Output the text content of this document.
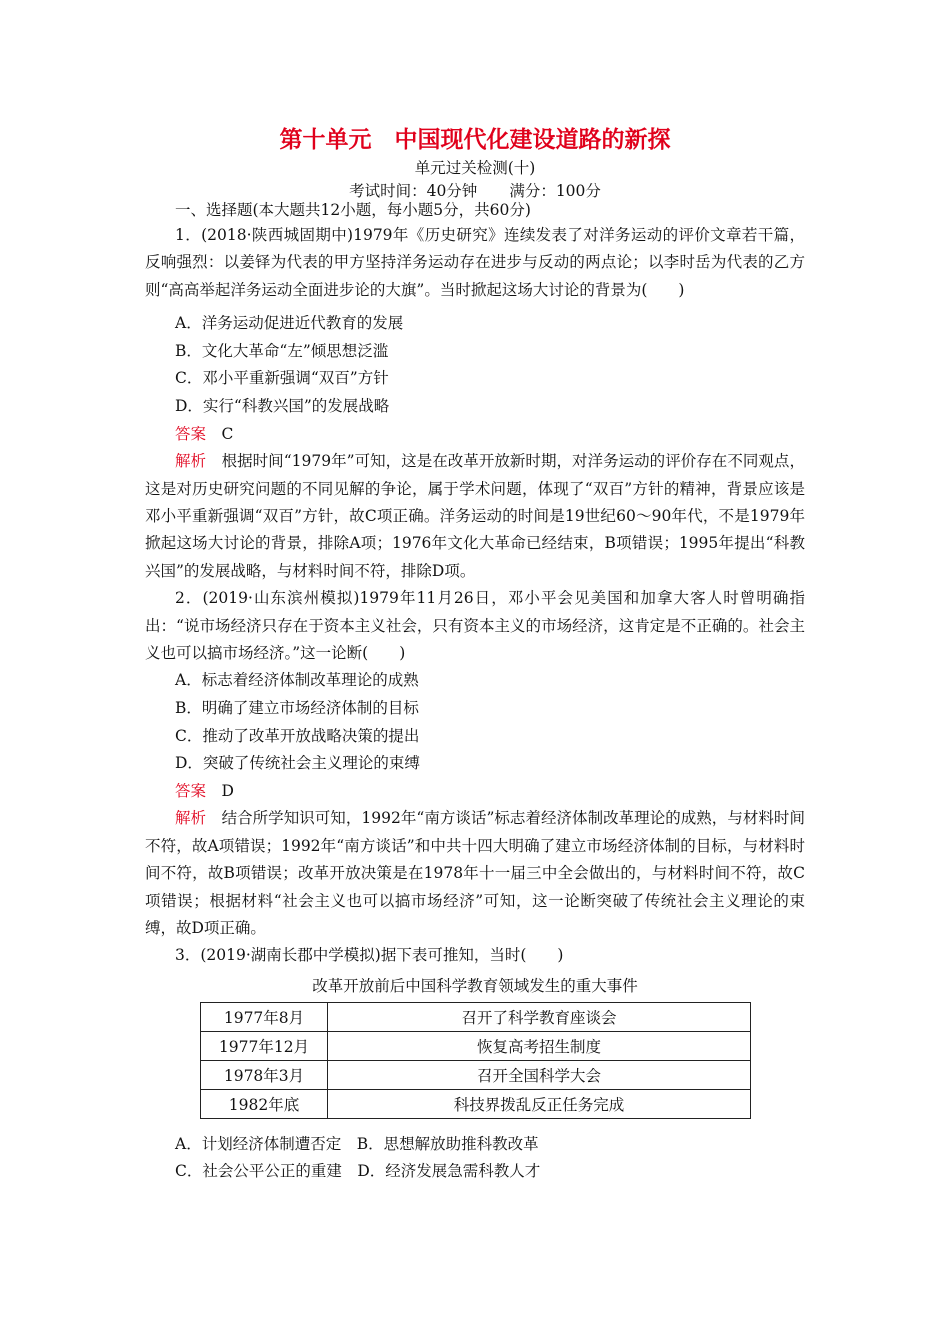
第十单元　中国现代化建设道路的新探
单元过关检测(十)
考试时间：40分钟 满分：100分
一、选择题(本大题共12小题，每小题5分，共60分)

1．(2018·陕西城固期中)1979年《历史研究》连续发表了对洋务运动的评价文章若干篇，反响强烈：以姜铎为代表的甲方坚持洋务运动存在进步与反动的两点论；以李时岳为代表的乙方则“高高举起洋务运动全面进步论的大旗”。当时掀起这场大讨论的背景为(　　)

A．洋务运动促进近代教育的发展

B．文化大革命“左”倾思想泛滥

C．邓小平重新强调“双百”方针

D．实行“科教兴国”的发展战略

答案　 C

解析　 根据时间“1979年”可知，这是在改革开放新时期，对洋务运动的评价存在不同观点，这是对历史研究问题的不同见解的争论，属于学术问题，体现了“双百”方针的精神，背景应该是邓小平重新强调“双百”方针，故C项正确。洋务运动的时间是19世纪60～90年代，不是1979年掀起这场大讨论的背景，排除A项；1976年文化大革命已经结束，B项错误；1995年提出“科教兴国”的发展战略，与材料时间不符，排除D项。

2．(2019·山东滨州模拟)1979年11月26日，邓小平会见美国和加拿大客人时曾明确指出：“说市场经济只存在于资本主义社会，只有资本主义的市场经济，这肯定是不正确的。社会主义也可以搞市场经济。”这一论断(　　)

A．标志着经济体制改革理论的成熟

B．明确了建立市场经济体制的目标

C．推动了改革开放战略决策的提出

D．突破了传统社会主义理论的束缚

答案　 D

解析　 结合所学知识可知，1992年“南方谈话”标志着经济体制改革理论的成熟，与材料时间不符，故A项错误；1992年“南方谈话”和中共十四大明确了建立市场经济体制的目标，与材料时间不符，故B项错误；改革开放决策是在1978年十一届三中全会做出的，与材料时间不符，故C项错误；根据材料“社会主义也可以搞市场经济”可知，这一论断突破了传统社会主义理论的束缚，故D项正确。

3．(2019·湖南长郡中学模拟)据下表可推知，当时(　　)

改革开放前后中国科学教育领域发生的重大事件

1977年8月	召开了科学教育座谈会
1977年12月	恢复高考招生制度
1978年3月	召开全国科学大会
1982年底	科技界拨乱反正任务完成

A．计划经济体制遭否定　B．思想解放助推科教改革

C．社会公平公正的重建　D．经济发展急需科教人才
